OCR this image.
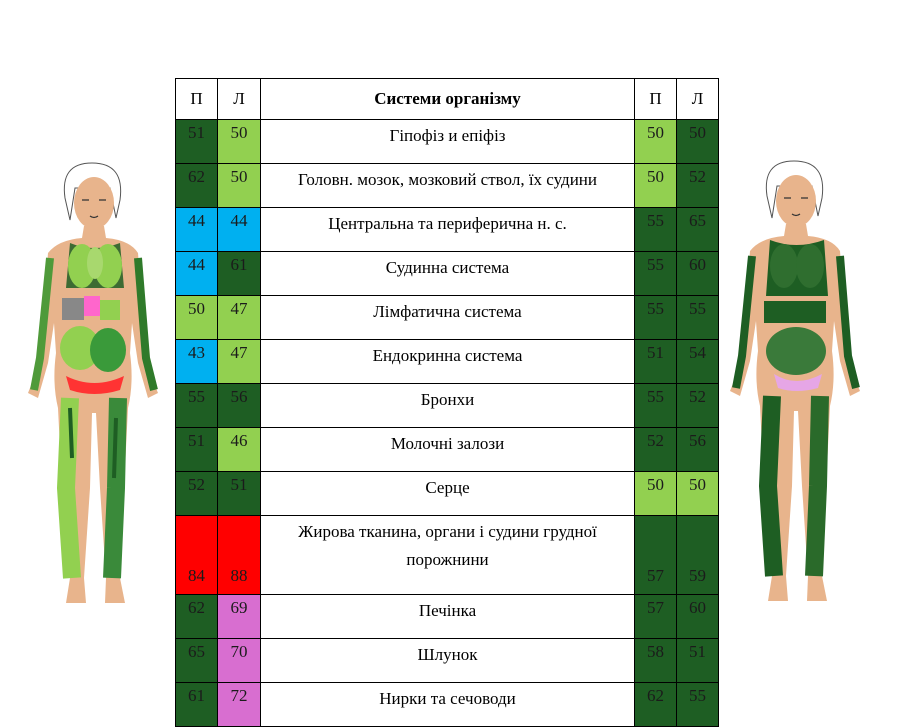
П	Л	Системи організму	П	Л
51	50	Гіпофіз и епіфіз	50	50
62	50	Головн. мозок, мозковий ствол, їх судини	50	52
44	44	Центральна та периферична н. с.	55	65
44	61	Судинна система	55	60
50	47	Лімфатична система	55	55
43	47	Ендокринна система	51	54
55	56	Бронхи	55	52
51	46	Молочні залози	52	56
52	51	Серце	50	50
84	88	Жирова тканина, органи і судини грудної порожнини	57	59
62	69	Печінка	57	60
65	70	Шлунок	58	51
61	72	Нирки та сечоводи	62	55
